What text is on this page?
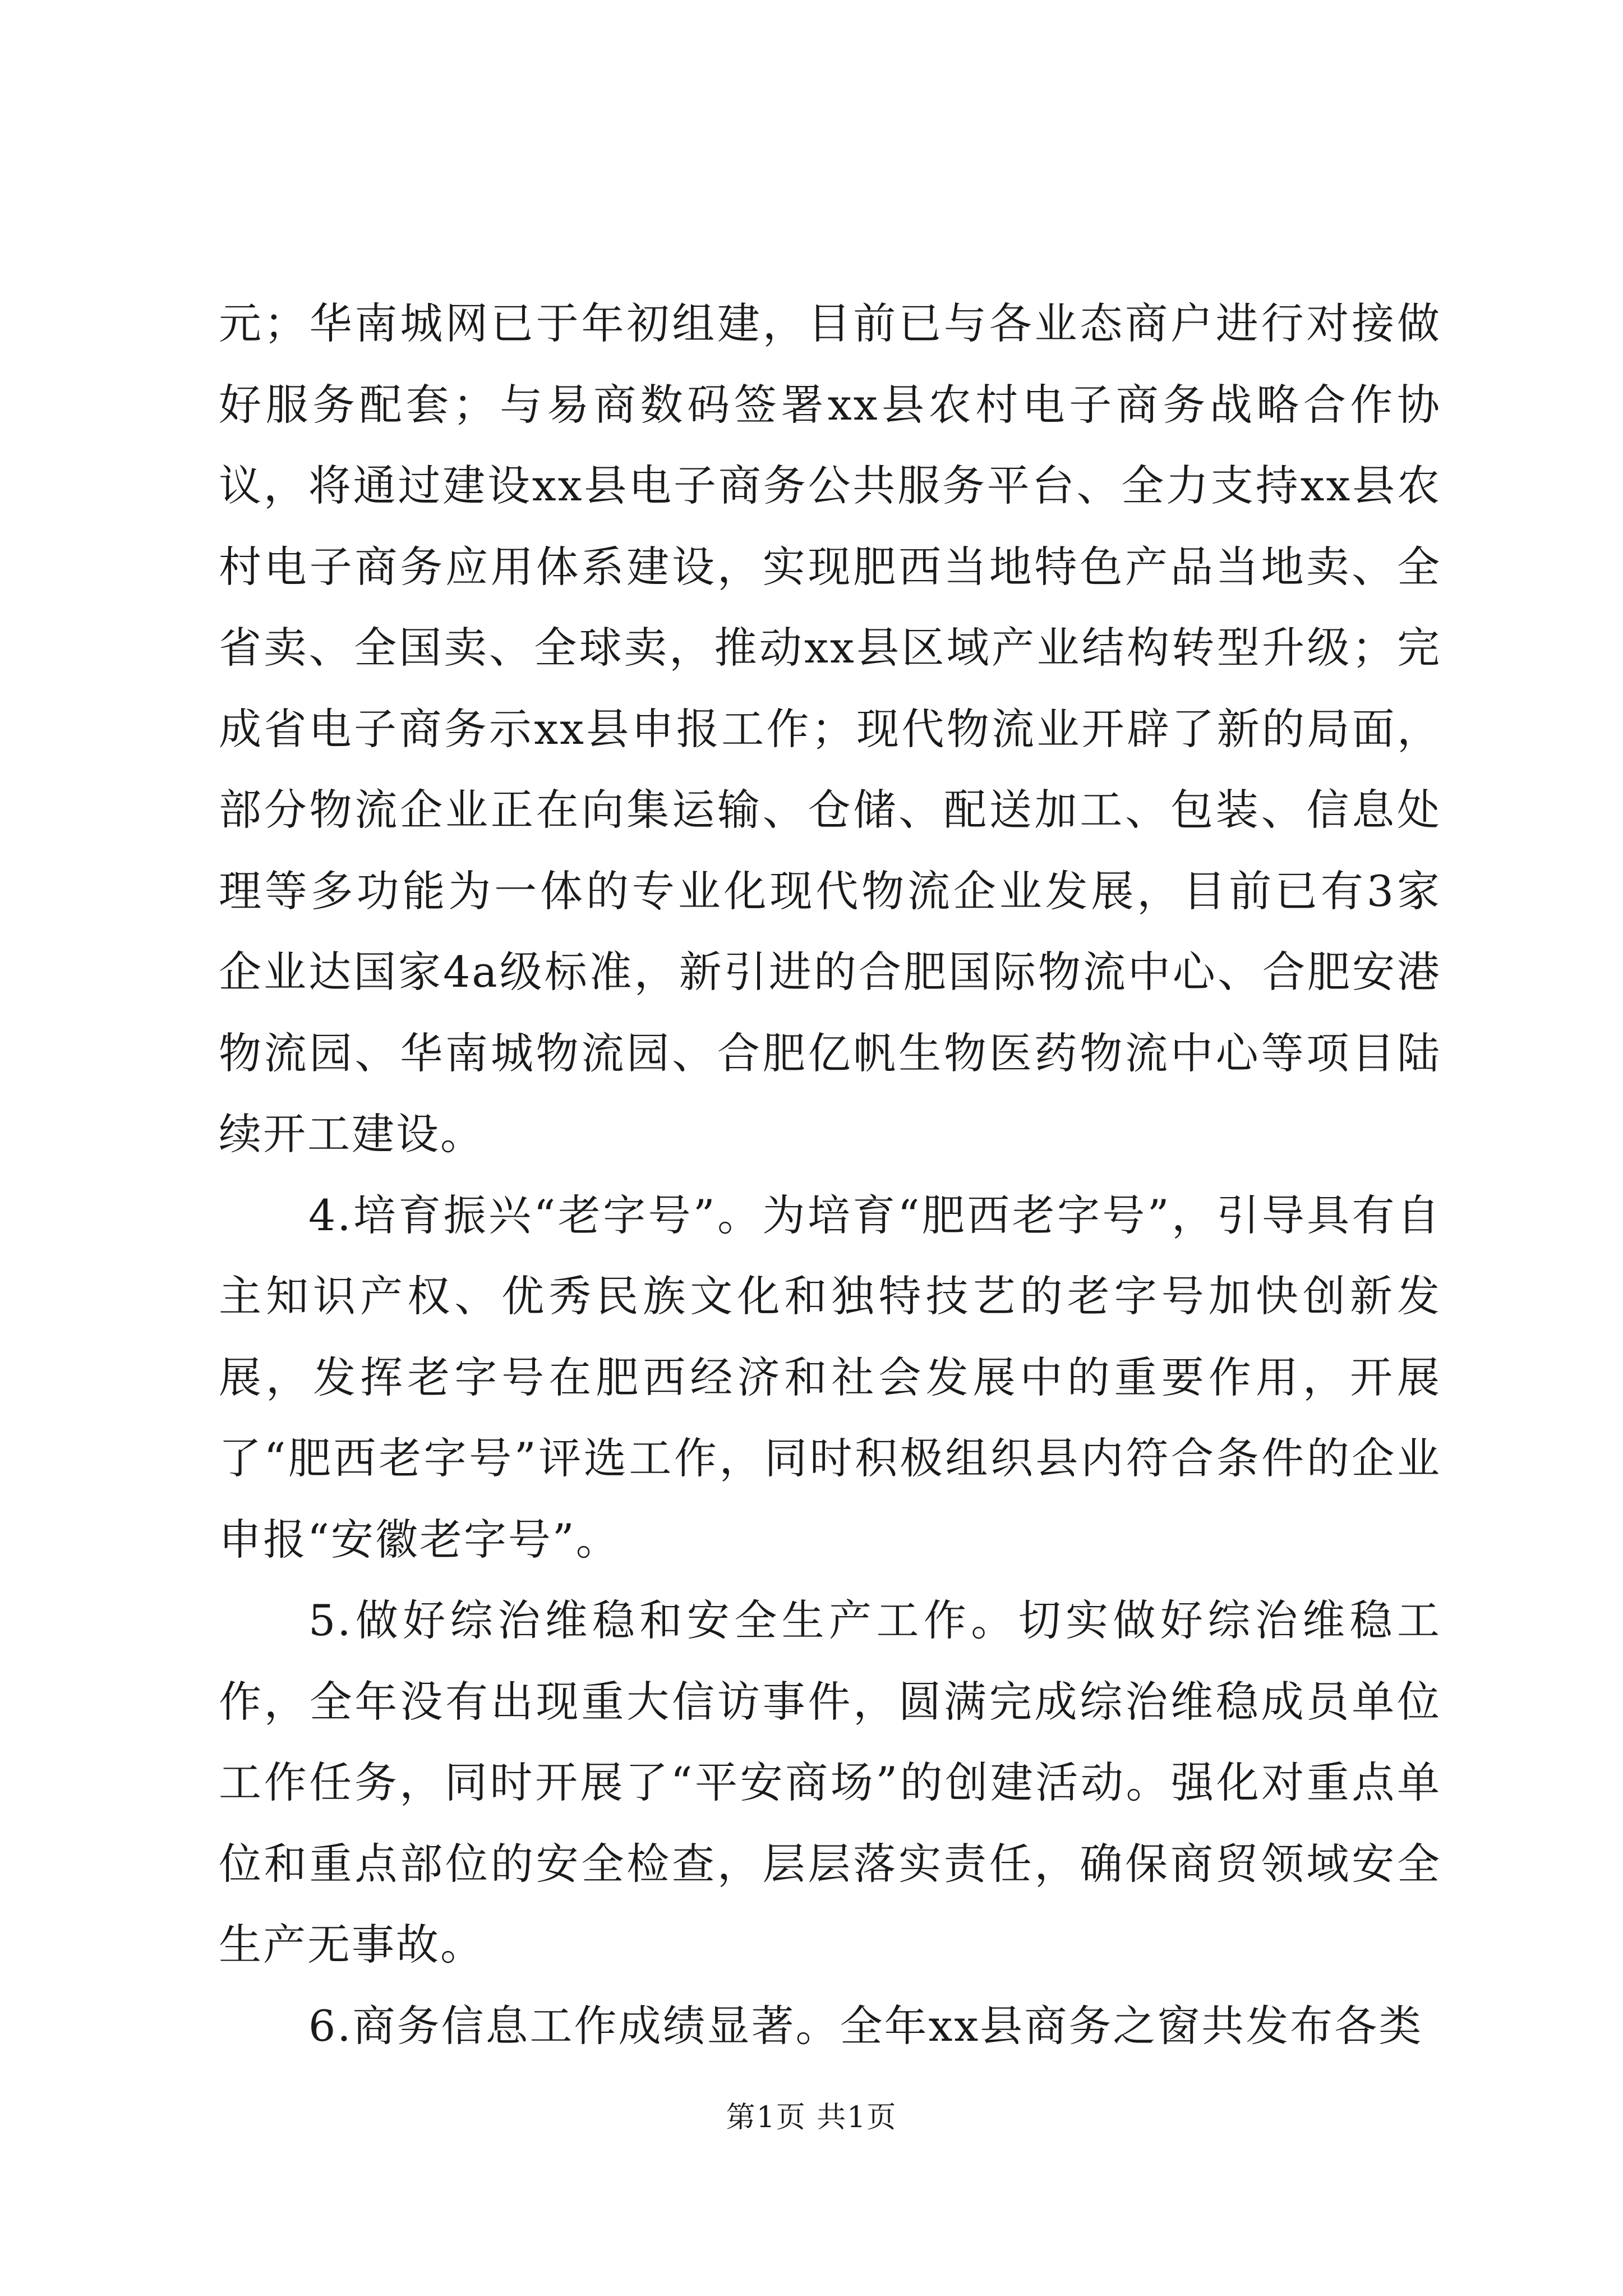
元；华南城网已于年初组建，目前已与各业态商户进行对接做好服务配套；与易商数码签署xx县农村电子商务战略合作协议，将通过建设xx县电子商务公共服务平台、全力支持xx县农村电子商务应用体系建设，实现肥西当地特色产品当地卖、全省卖、全国卖、全球卖，推动xx县区域产业结构转型升级；完成省电子商务示xx县申报工作；现代物流业开辟了新的局面，部分物流企业正在向集运输、仓储、配送加工、包装、信息处理等多功能为一体的专业化现代物流企业发展，目前已有3家企业达国家4a级标准，新引进的合肥国际物流中心、合肥安港物流园、华南城物流园、合肥亿帆生物医药物流中心等项目陆续开工建设。

4.培育振兴“老字号”。为培育“肥西老字号”，引导具有自主知识产权、优秀民族文化和独特技艺的老字号加快创新发展，发挥老字号在肥西经济和社会发展中的重要作用，开展了“肥西老字号”评选工作，同时积极组织县内符合条件的企业申报“安徽老字号”。

5.做好综治维稳和安全生产工作。切实做好综治维稳工作，全年没有出现重大信访事件，圆满完成综治维稳成员单位工作任务，同时开展了“平安商场”的创建活动。强化对重点单位和重点部位的安全检查，层层落实责任，确保商贸领域安全生产无事故。

6.商务信息工作成绩显著。全年xx县商务之窗共发布各类

第1页 共1页
